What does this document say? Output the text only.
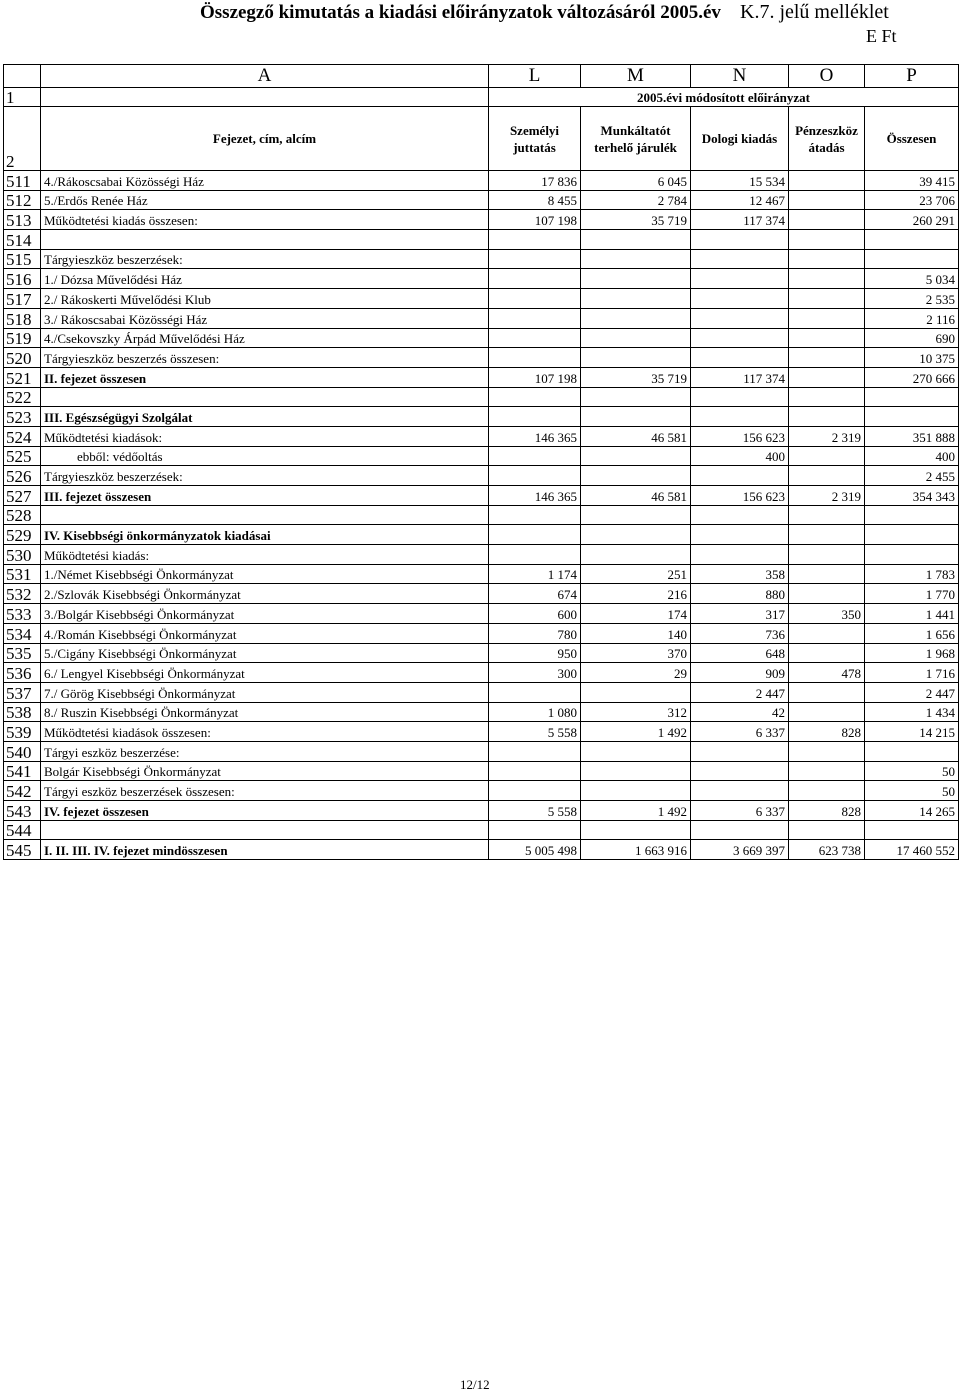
Összegző kimutatás a kiadási előirányzatok változásáról 2005.év K.7. jelű melléklet
E Ft
	A	L	M	N	O	P
1		2005.évi módosított előirányzat				
2	Fejezet, cím, alcím	Személyi juttatás	Munkáltatót terhelő járulék	Dologi kiadás	Pénzeszköz átadás	Összesen
511	4./Rákoscsabai Közösségi Ház	17 836	6 045	15 534		39 415
512	5./Erdős Renée Ház	8 455	2 784	12 467		23 706
513	Működtetési kiadás összesen:	107 198	35 719	117 374		260 291
514						
515	Tárgyieszköz beszerzések:					
516	1./ Dózsa Művelődési Ház					5 034
517	2./ Rákoskerti Művelődési Klub					2 535
518	3./ Rákoscsabai Közösségi Ház					2 116
519	4./Csekovszky Árpád Művelődési Ház					690
520	Tárgyieszköz beszerzés összesen:					10 375
521	II. fejezet összesen	107 198	35 719	117 374		270 666
522						
523	III. Egészségügyi Szolgálat					
524	Működtetési kiadások:	146 365	46 581	156 623	2 319	351 888
525	ebből: védőoltás			400		400
526	Tárgyieszköz beszerzések:					2 455
527	III. fejezet összesen	146 365	46 581	156 623	2 319	354 343
528						
529	IV. Kisebbségi önkormányzatok kiadásai					
530	Működtetési kiadás:					
531	1./Német Kisebbségi Önkormányzat	1 174	251	358		1 783
532	2./Szlovák Kisebbségi Önkormányzat	674	216	880		1 770
533	3./Bolgár Kisebbségi Önkormányzat	600	174	317	350	1 441
534	4./Román Kisebbségi Önkormányzat	780	140	736		1 656
535	5./Cigány Kisebbségi Önkormányzat	950	370	648		1 968
536	6./ Lengyel Kisebbségi Önkormányzat	300	29	909	478	1 716
537	7./ Görög Kisebbségi Önkormányzat			2 447		2 447
538	8./ Ruszin Kisebbségi Önkormányzat	1 080	312	42		1 434
539	Működtetési kiadások összesen:	5 558	1 492	6 337	828	14 215
540	Tárgyi eszköz beszerzése:					
541	Bolgár Kisebbségi Önkormányzat					50
542	Tárgyi eszköz beszerzések összesen:					50
543	IV. fejezet összesen	5 558	1 492	6 337	828	14 265
544						
545	I. II. III. IV. fejezet mindösszesen	5 005 498	1 663 916	3 669 397	623 738	17 460 552
12/12
